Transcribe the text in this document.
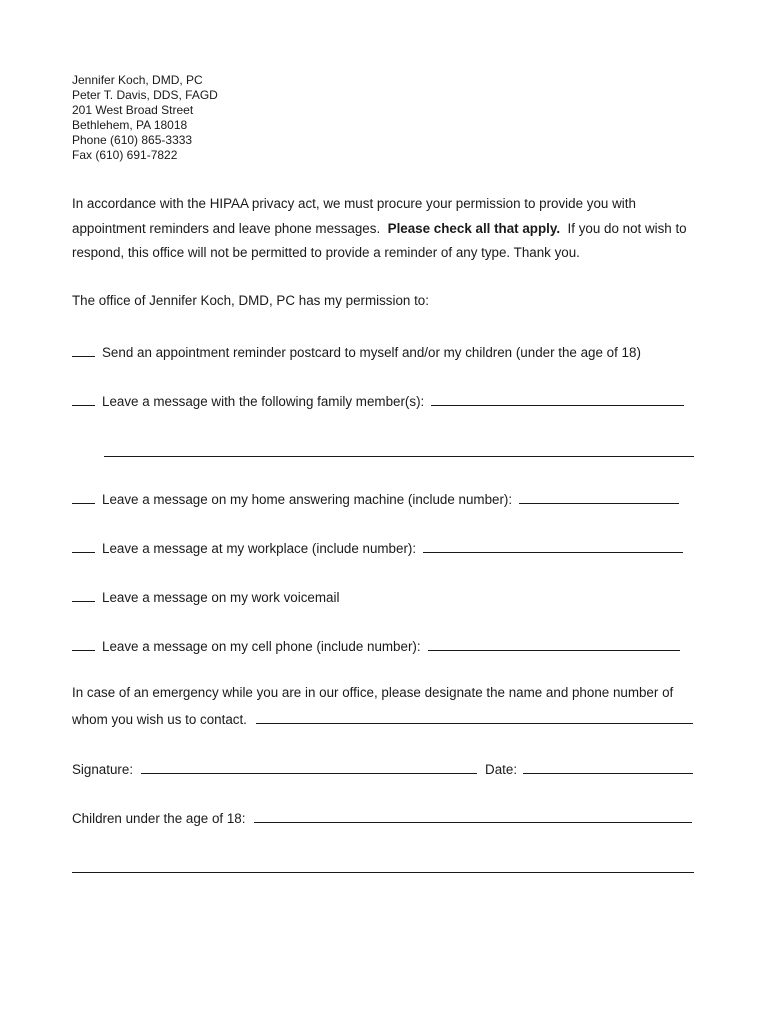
Jennifer Koch, DMD, PC
Peter T. Davis, DDS, FAGD
201 West Broad Street
Bethlehem, PA 18018
Phone (610) 865-3333
Fax (610) 691-7822
In accordance with the HIPAA privacy act, we must procure your permission to provide you with appointment reminders and leave phone messages. Please check all that apply. If you do not wish to respond, this office will not be permitted to provide a reminder of any type. Thank you.
The office of Jennifer Koch, DMD, PC has my permission to:
Send an appointment reminder postcard to myself and/or my children (under the age of 18)
Leave a message with the following family member(s):
Leave a message on my home answering machine (include number):
Leave a message at my workplace (include number):
Leave a message on my work voicemail
Leave a message on my cell phone (include number):
In case of an emergency while you are in our office, please designate the name and phone number of
whom you wish us to contact.
Signature:	Date:
Children under the age of 18:
